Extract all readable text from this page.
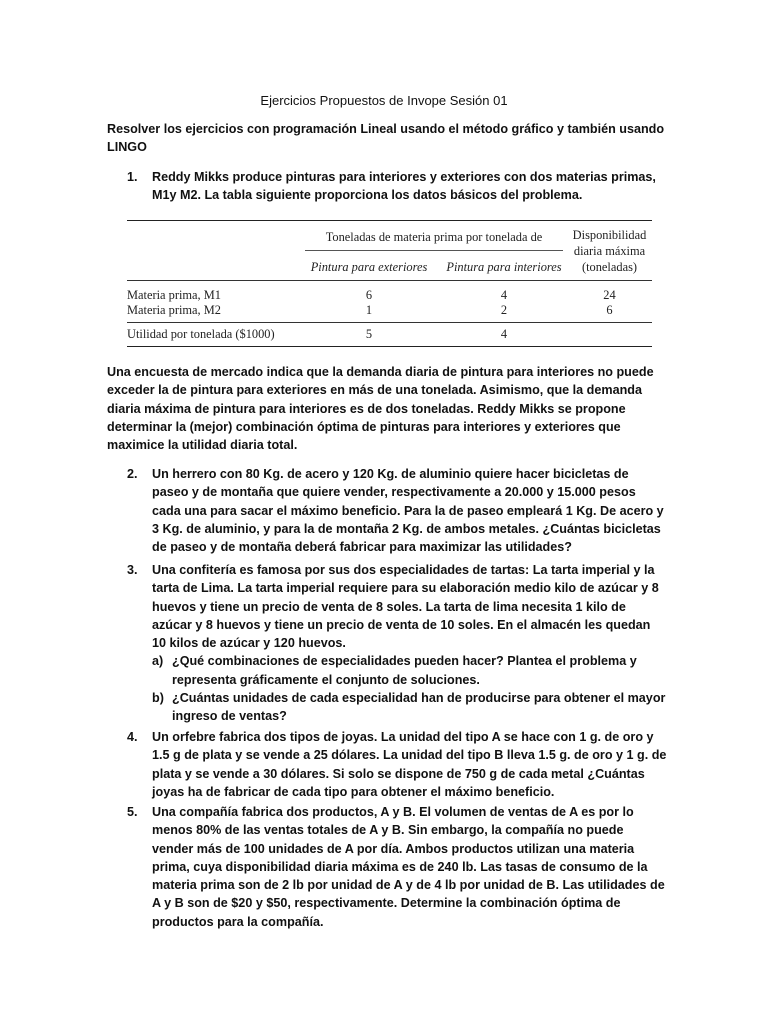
Ejercicios Propuestos de Invope Sesión 01
Resolver los ejercicios con programación Lineal usando el método gráfico y también usando LINGO
1. Reddy Mikks produce pinturas para interiores y exteriores con dos materias primas, M1y M2. La tabla siguiente proporciona los datos básicos del problema.
Toneladas de materia prima por tonelada de
Pintura para exteriores	Pintura para interiores
Disponibilidad
diaria máxima
(toneladas)
Materia prima, M1	6	4	24
Materia prima, M2	1	2	6
Utilidad por tonelada ($1000)	5	4
Una encuesta de mercado indica que la demanda diaria de pintura para interiores no puede exceder la de pintura para exteriores en más de una tonelada. Asimismo, que la demanda diaria máxima de pintura para interiores es de dos toneladas. Reddy Mikks se propone determinar la (mejor) combinación óptima de pinturas para interiores y exteriores que maximice la utilidad diaria total.
2. Un herrero con 80 Kg. de acero y 120 Kg. de aluminio quiere hacer bicicletas de paseo y de montaña que quiere vender, respectivamente a 20.000 y 15.000 pesos cada una para sacar el máximo beneficio. Para la de paseo empleará 1 Kg. De acero y 3 Kg. de aluminio, y para la de montaña 2 Kg. de ambos metales. ¿Cuántas bicicletas de paseo y de montaña deberá fabricar para maximizar las utilidades?
3. Una confitería es famosa por sus dos especialidades de tartas: La tarta imperial y la tarta de Lima. La tarta imperial requiere para su elaboración medio kilo de azúcar y 8 huevos y tiene un precio de venta de 8 soles. La tarta de lima necesita 1 kilo de azúcar y 8 huevos y tiene un precio de venta de 10 soles. En el almacén les quedan 10 kilos de azúcar y 120 huevos.
a) ¿Qué combinaciones de especialidades pueden hacer? Plantea el problema y representa gráficamente el conjunto de soluciones.
b) ¿Cuántas unidades de cada especialidad han de producirse para obtener el mayor ingreso de ventas?
4. Un orfebre fabrica dos tipos de joyas. La unidad del tipo A se hace con 1 g. de oro y 1.5 g de plata y se vende a 25 dólares. La unidad del tipo B lleva 1.5 g. de oro y 1 g. de plata y se vende a 30 dólares. Si solo se dispone de 750 g de cada metal ¿Cuántas joyas ha de fabricar de cada tipo para obtener el máximo beneficio.
5. Una compañía fabrica dos productos, A y B. El volumen de ventas de A es por lo menos 80% de las ventas totales de A y B. Sin embargo, la compañía no puede vender más de 100 unidades de A por día. Ambos productos utilizan una materia prima, cuya disponibilidad diaria máxima es de 240 lb. Las tasas de consumo de la materia prima son de 2 lb por unidad de A y de 4 lb por unidad de B. Las utilidades de A y B son de $20 y $50, respectivamente. Determine la combinación óptima de productos para la compañía.
